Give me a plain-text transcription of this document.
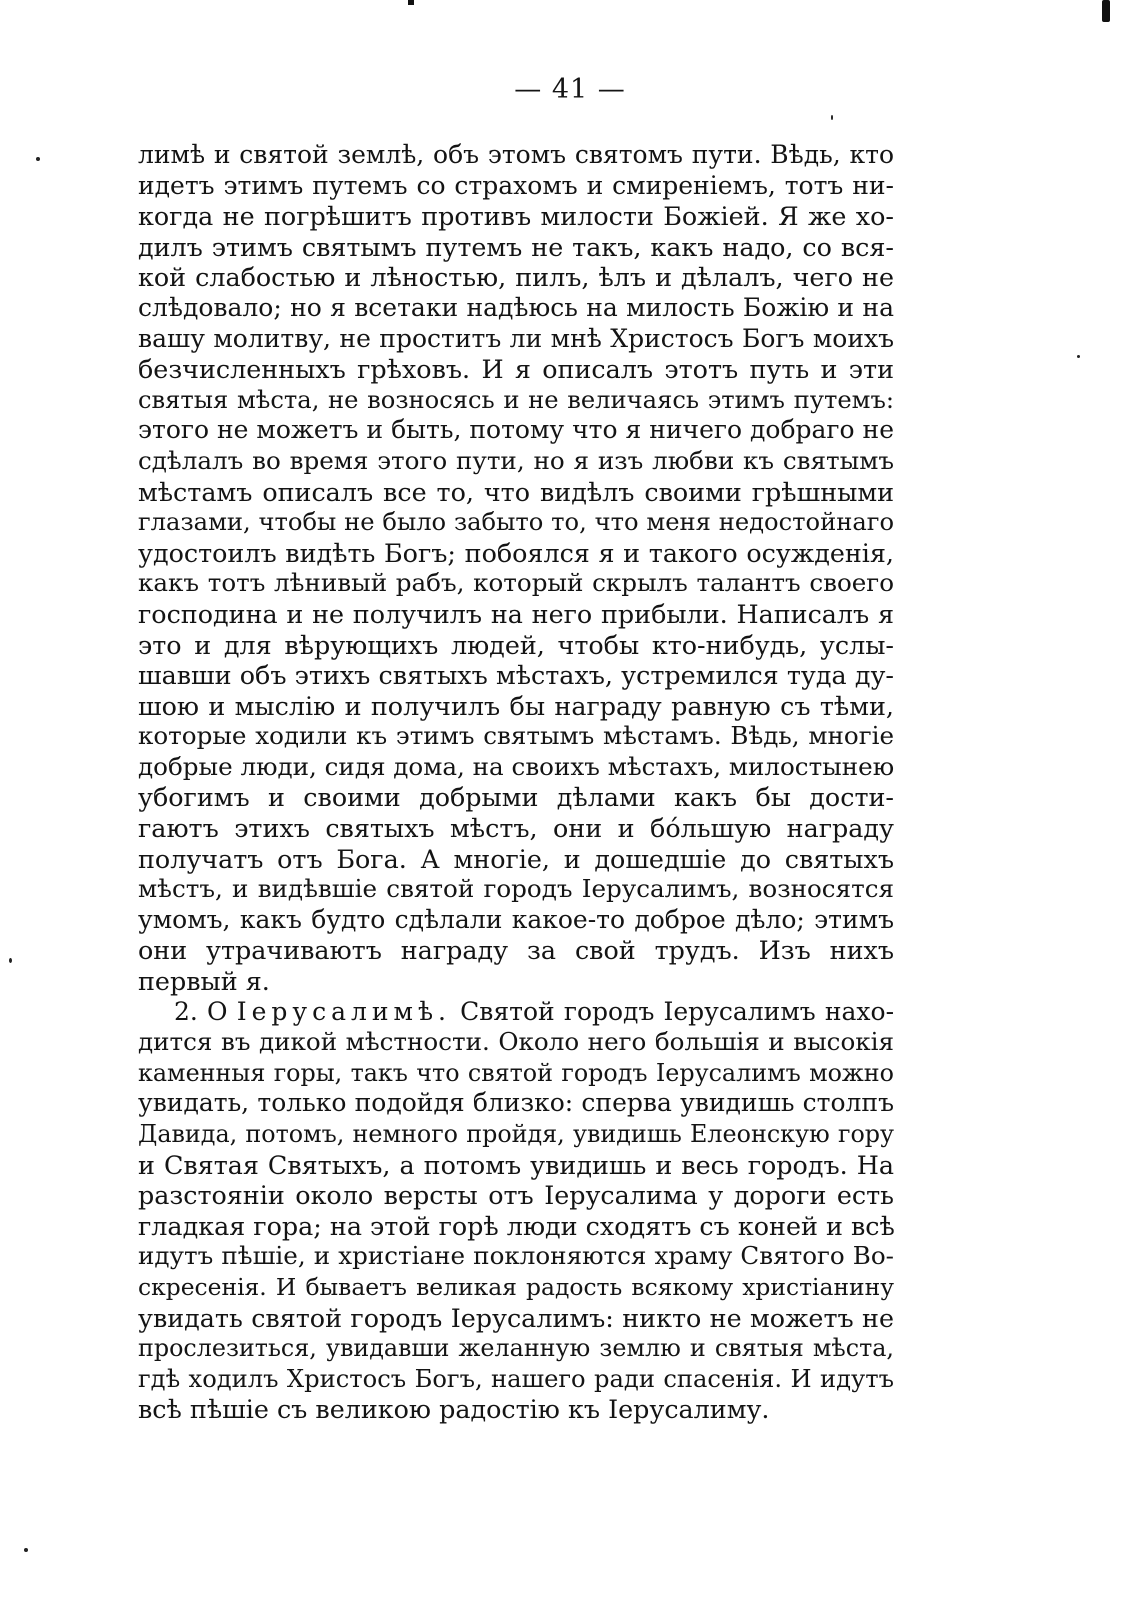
— 41 —
лимѣ и святой землѣ, объ этомъ святомъ пути. Вѣдь, кто
идетъ этимъ путемъ со страхомъ и смиреніемъ, тотъ ни-
когда не погрѣшитъ противъ милости Божіей. Я же хо-
дилъ этимъ святымъ путемъ не такъ, какъ надо, со вся-
кой слабостью и лѣностью, пилъ, ѣлъ и дѣлалъ, чего не
слѣдовало; но я всетаки надѣюсь на милость Божію и на
вашу молитву, не проститъ ли мнѣ Христосъ Богъ моихъ
безчисленныхъ грѣховъ. И я описалъ этотъ путь и эти
святыя мѣста, не возносясь и не величаясь этимъ путемъ:
этого не можетъ и быть, потому что я ничего добраго не
сдѣлалъ во время этого пути, но я изъ любви къ святымъ
мѣстамъ описалъ все то, что видѣлъ своими грѣшными
глазами, чтобы не было забыто то, что меня недостойнаго
удостоилъ видѣть Богъ; побоялся я и такого осужденія,
какъ тотъ лѣнивый рабъ, который скрылъ талантъ своего
господина и не получилъ на него прибыли. Написалъ я
это и для вѣрующихъ людей, чтобы кто-нибудь, услы-
шавши объ этихъ святыхъ мѣстахъ, устремился туда ду-
шою и мыслію и получилъ бы награду равную съ тѣми,
которые ходили къ этимъ святымъ мѣстамъ. Вѣдь, многіе
добрые люди, сидя дома, на своихъ мѣстахъ, милостынею
убогимъ и своими добрыми дѣлами какъ бы дости-
гаютъ этихъ святыхъ мѣстъ, они и бо́льшую награду
получатъ отъ Бога. А многіе, и дошедшіе до святыхъ
мѣстъ, и видѣвшіе святой городъ Іерусалимъ, возносятся
умомъ, какъ будто сдѣлали какое-то доброе дѣло; этимъ
они утрачиваютъ награду за свой трудъ. Изъ нихъ
первый я.
2. О Іерусалимѣ. Святой городъ Іерусалимъ нахо-
дится въ дикой мѣстности. Около него большія и высокія
каменныя горы, такъ что святой городъ Іерусалимъ можно
увидать, только подойдя близко: сперва увидишь столпъ
Давида, потомъ, немного пройдя, увидишь Елеонскую гору
и Святая Святыхъ, а потомъ увидишь и весь городъ. На
разстояніи около версты отъ Іерусалима у дороги есть
гладкая гора; на этой горѣ люди сходятъ съ коней и всѣ
идутъ пѣшіе, и христіане поклоняются храму Святого Во-
скресенія. И бываетъ великая радость всякому христіанину
увидать святой городъ Іерусалимъ: никто не можетъ не
прослезиться, увидавши желанную землю и святыя мѣста,
гдѣ ходилъ Христосъ Богъ, нашего ради спасенія. И идутъ
всѣ пѣшіе съ великою радостію къ Іерусалиму.
